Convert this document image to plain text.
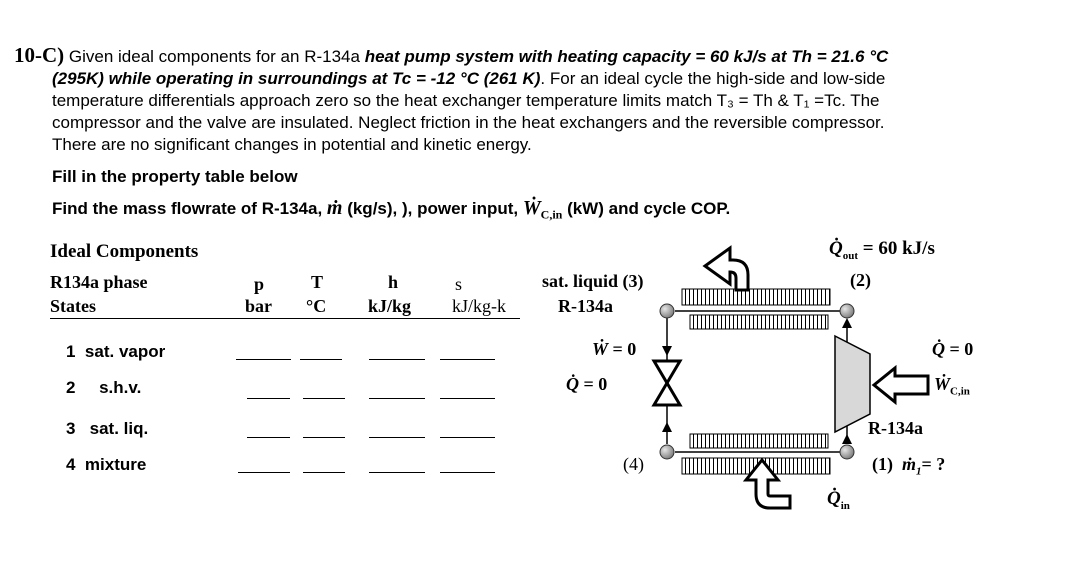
10-C) Given ideal components for an R-134a heat pump system with heating capacity = 60 kJ/s at Th = 21.6 °C
(295K) while operating in surroundings at Tc = -12 °C (261 K). For an ideal cycle the high-side and low-side
temperature differentials approach zero so the heat exchanger temperature limits match T₃ = Th & T₁ =Tc. The
compressor and the valve are insulated. Neglect friction in the heat exchangers and the reversible compressor.
There are no significant changes in potential and kinetic energy.
Fill in the property table below
Find the mass flowrate of R-134a, ṁ (kg/s), ), power input, Ẇ$_{C,in}$ (kW) and cycle COP.
Ideal Components
R134a phase
States
p
bar
T
°C
h
kJ/kg
s
kJ/kg-k
1 sat. vapor
2 s.h.v.
3 sat. liq.
4 mixture
$Q̇_{out} = 60$ kJ/s
(2)
sat. liquid (3)
R-134a
Ẇ = 0
Q̇ = 0
Q̇ = 0
Ẇ$_{C,in}$
R-134a
(1) ṁ$_1$= ?
(4)
$Q̇_{in}$
